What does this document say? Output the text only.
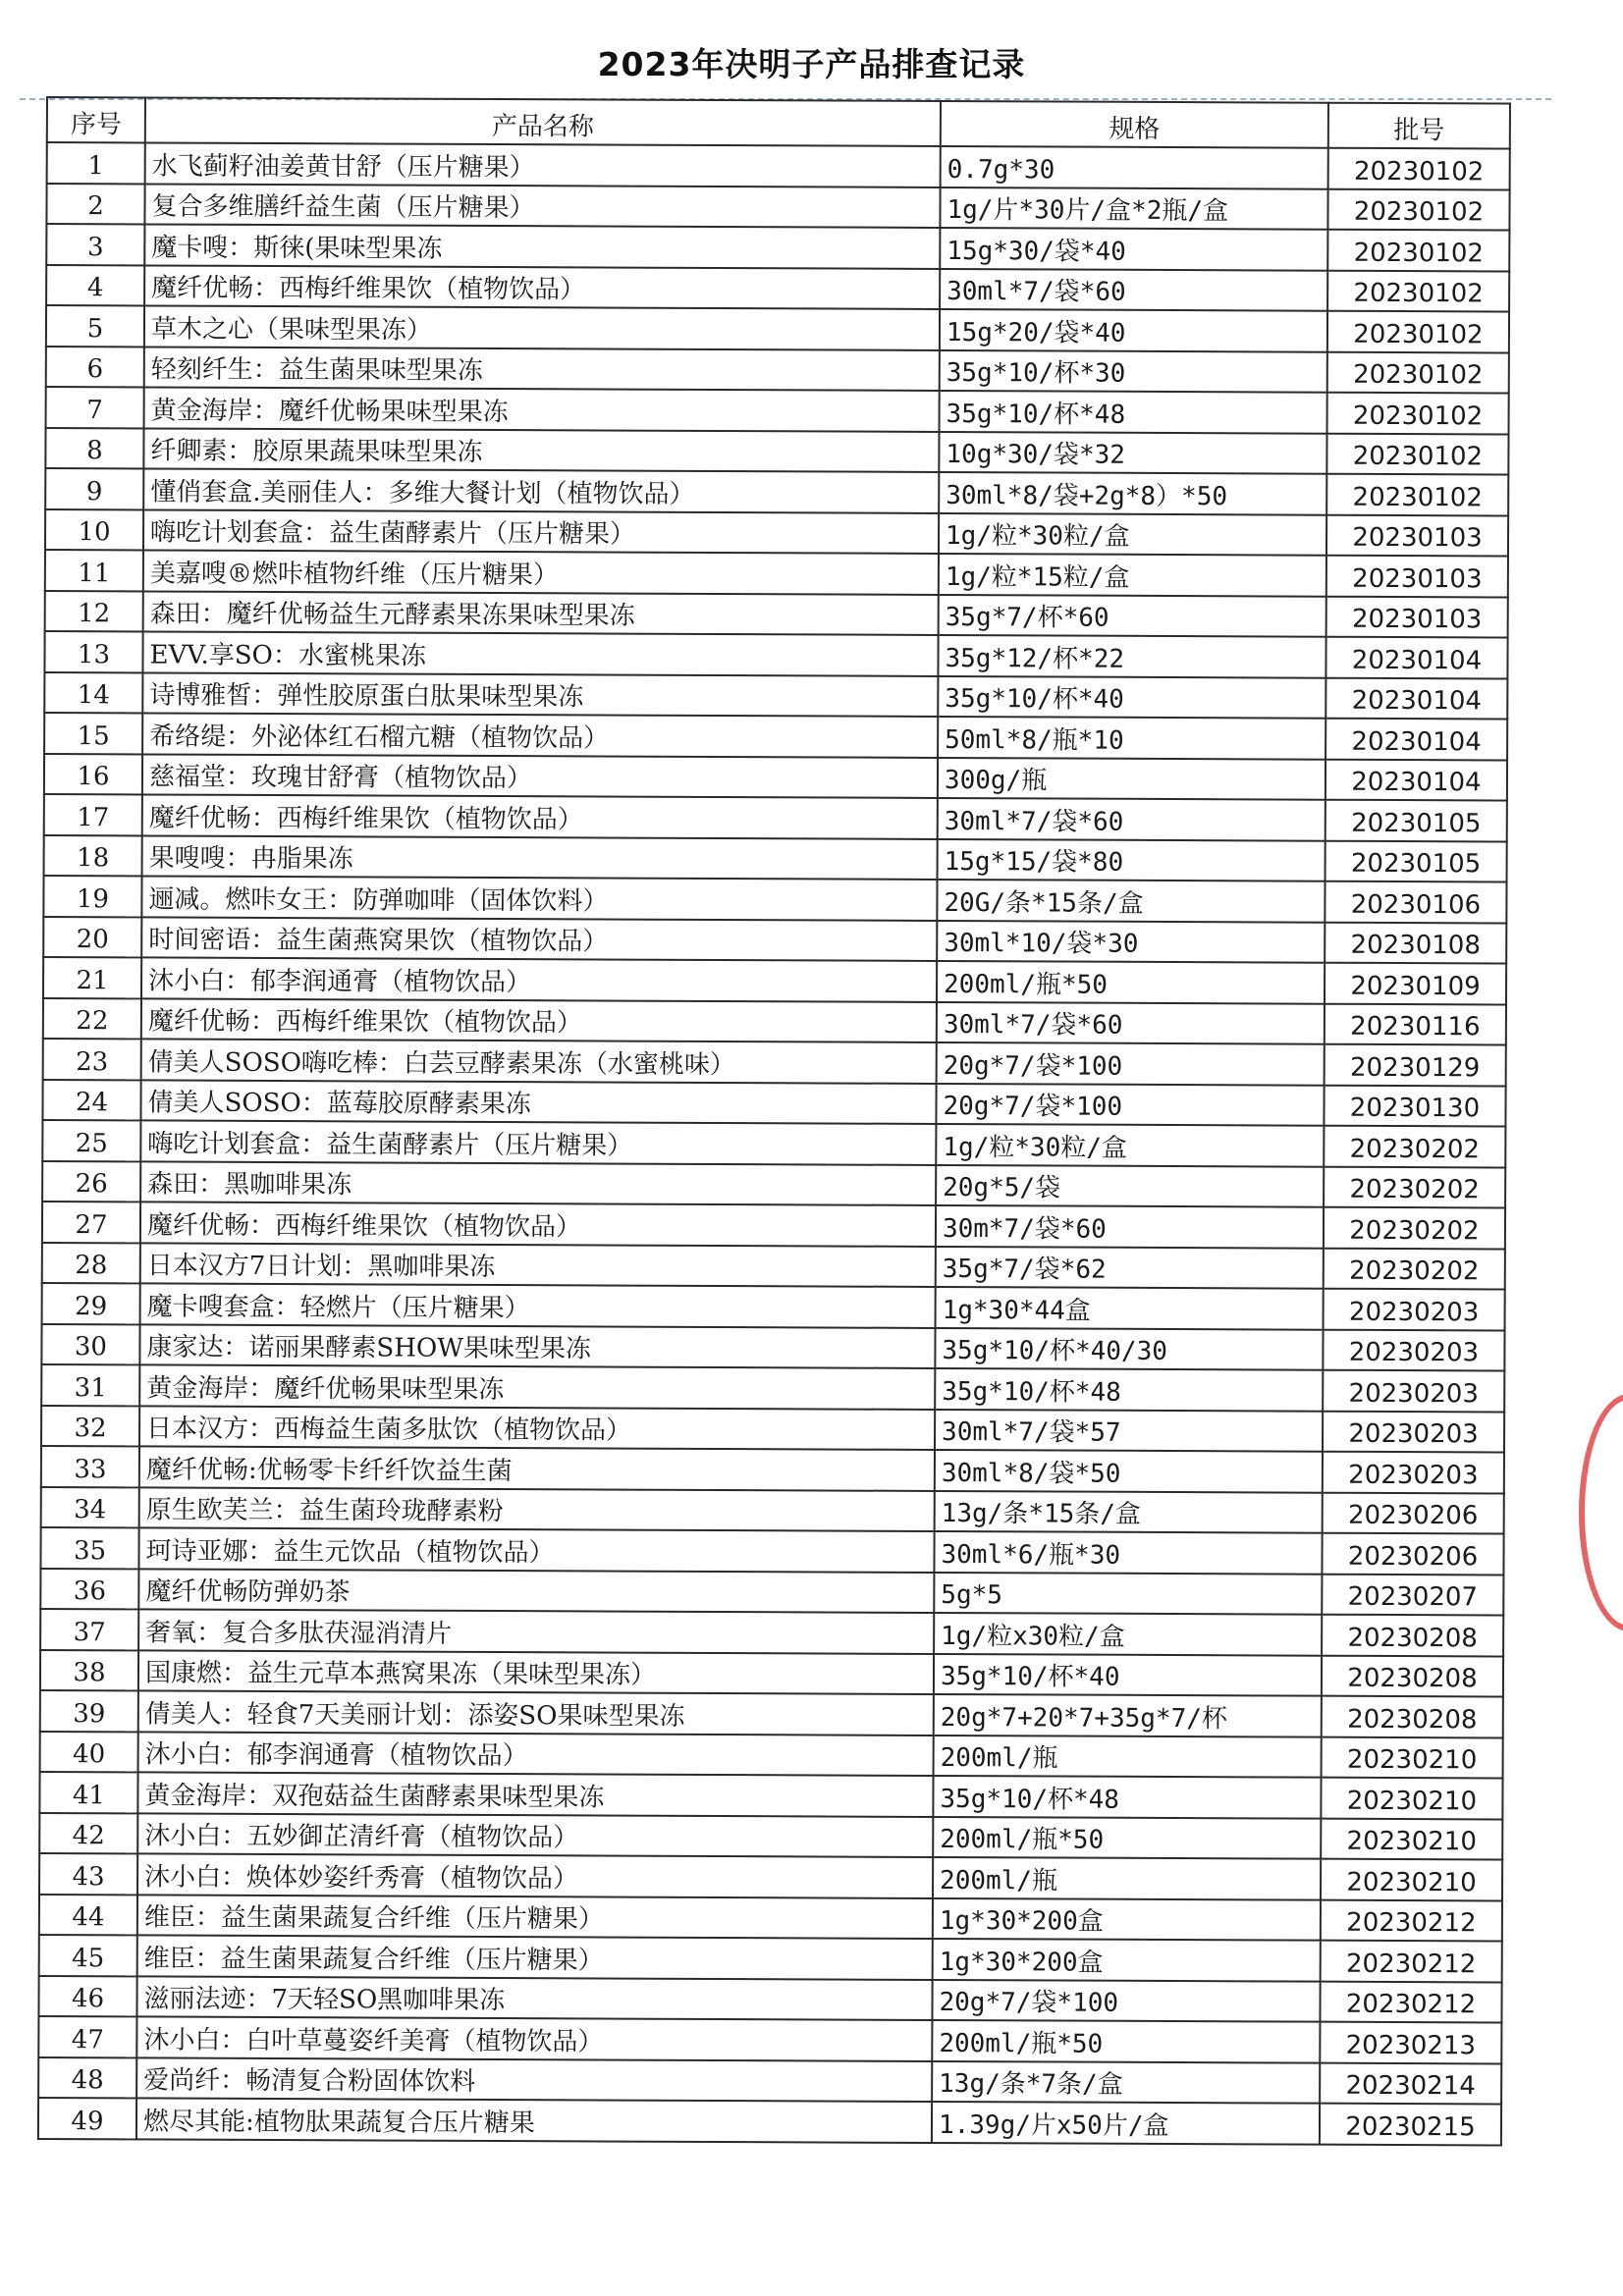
2023年决明子产品排查记录
序号	产品名称	规格	批号
1	水飞蓟籽油姜黄甘舒（压片糖果）	0.7g*30	20230102
2	复合多维膳纤益生菌（压片糖果）	1g/片*30片/盒*2瓶/盒	20230102
3	魔卡嗖：斯徕(果味型果冻	15g*30/袋*40	20230102
4	魔纤优畅：西梅纤维果饮（植物饮品）	30ml*7/袋*60	20230102
5	草木之心（果味型果冻）	15g*20/袋*40	20230102
6	轻刻纤生：益生菌果味型果冻	35g*10/杯*30	20230102
7	黄金海岸：魔纤优畅果味型果冻	35g*10/杯*48	20230102
8	纤卿素：胶原果蔬果味型果冻	10g*30/袋*32	20230102
9	懂俏套盒.美丽佳人：多维大餐计划（植物饮品）	30ml*8/袋+2g*8）*50	20230102
10	嗨吃计划套盒：益生菌酵素片（压片糖果）	1g/粒*30粒/盒	20230103
11	美嘉嗖®燃咔植物纤维（压片糖果）	1g/粒*15粒/盒	20230103
12	森田：魔纤优畅益生元酵素果冻果味型果冻	35g*7/杯*60	20230103
13	EVV.享SO：水蜜桃果冻	35g*12/杯*22	20230104
14	诗博雅皙：弹性胶原蛋白肽果味型果冻	35g*10/杯*40	20230104
15	希络缇：外泌体红石榴亢糖（植物饮品）	50ml*8/瓶*10	20230104
16	慈福堂：玫瑰甘舒膏（植物饮品）	300g/瓶	20230104
17	魔纤优畅：西梅纤维果饮（植物饮品）	30ml*7/袋*60	20230105
18	果嗖嗖：冉脂果冻	15g*15/袋*80	20230105
19	逦减。燃咔女王：防弹咖啡（固体饮料）	20G/条*15条/盒	20230106
20	时间密语：益生菌燕窝果饮（植物饮品）	30ml*10/袋*30	20230108
21	沐小白：郁李润通膏（植物饮品）	200ml/瓶*50	20230109
22	魔纤优畅：西梅纤维果饮（植物饮品）	30ml*7/袋*60	20230116
23	倩美人SOSO嗨吃棒：白芸豆酵素果冻（水蜜桃味）	20g*7/袋*100	20230129
24	倩美人SOSO：蓝莓胶原酵素果冻	20g*7/袋*100	20230130
25	嗨吃计划套盒：益生菌酵素片（压片糖果）	1g/粒*30粒/盒	20230202
26	森田：黑咖啡果冻	20g*5/袋	20230202
27	魔纤优畅：西梅纤维果饮（植物饮品）	30m*7/袋*60	20230202
28	日本汉方7日计划：黑咖啡果冻	35g*7/袋*62	20230202
29	魔卡嗖套盒：轻燃片（压片糖果）	1g*30*44盒	20230203
30	康家达：诺丽果酵素SHOW果味型果冻	35g*10/杯*40/30	20230203
31	黄金海岸：魔纤优畅果味型果冻	35g*10/杯*48	20230203
32	日本汉方：西梅益生菌多肽饮（植物饮品）	30ml*7/袋*57	20230203
33	魔纤优畅:优畅零卡纤纤饮益生菌	30ml*8/袋*50	20230203
34	原生欧芙兰：益生菌玲珑酵素粉	13g/条*15条/盒	20230206
35	珂诗亚娜：益生元饮品（植物饮品）	30ml*6/瓶*30	20230206
36	魔纤优畅防弹奶茶	5g*5	20230207
37	奢氧：复合多肽茯湿消清片	1g/粒x30粒/盒	20230208
38	国康燃：益生元草本燕窝果冻（果味型果冻）	35g*10/杯*40	20230208
39	倩美人：轻食7天美丽计划：添姿SO果味型果冻	20g*7+20*7+35g*7/杯	20230208
40	沐小白：郁李润通膏（植物饮品）	200ml/瓶	20230210
41	黄金海岸：双孢菇益生菌酵素果味型果冻	35g*10/杯*48	20230210
42	沐小白：五妙御芷清纤膏（植物饮品）	200ml/瓶*50	20230210
43	沐小白：焕体妙姿纤秀膏（植物饮品）	200ml/瓶	20230210
44	维臣：益生菌果蔬复合纤维（压片糖果）	1g*30*200盒	20230212
45	维臣：益生菌果蔬复合纤维（压片糖果）	1g*30*200盒	20230212
46	滋丽法迹：7天轻SO黑咖啡果冻	20g*7/袋*100	20230212
47	沐小白：白叶草蔓姿纤美膏（植物饮品）	200ml/瓶*50	20230213
48	爱尚纤：畅清复合粉固体饮料	13g/条*7条/盒	20230214
49	燃尽其能:植物肽果蔬复合压片糖果	1.39g/片x50片/盒	20230215
